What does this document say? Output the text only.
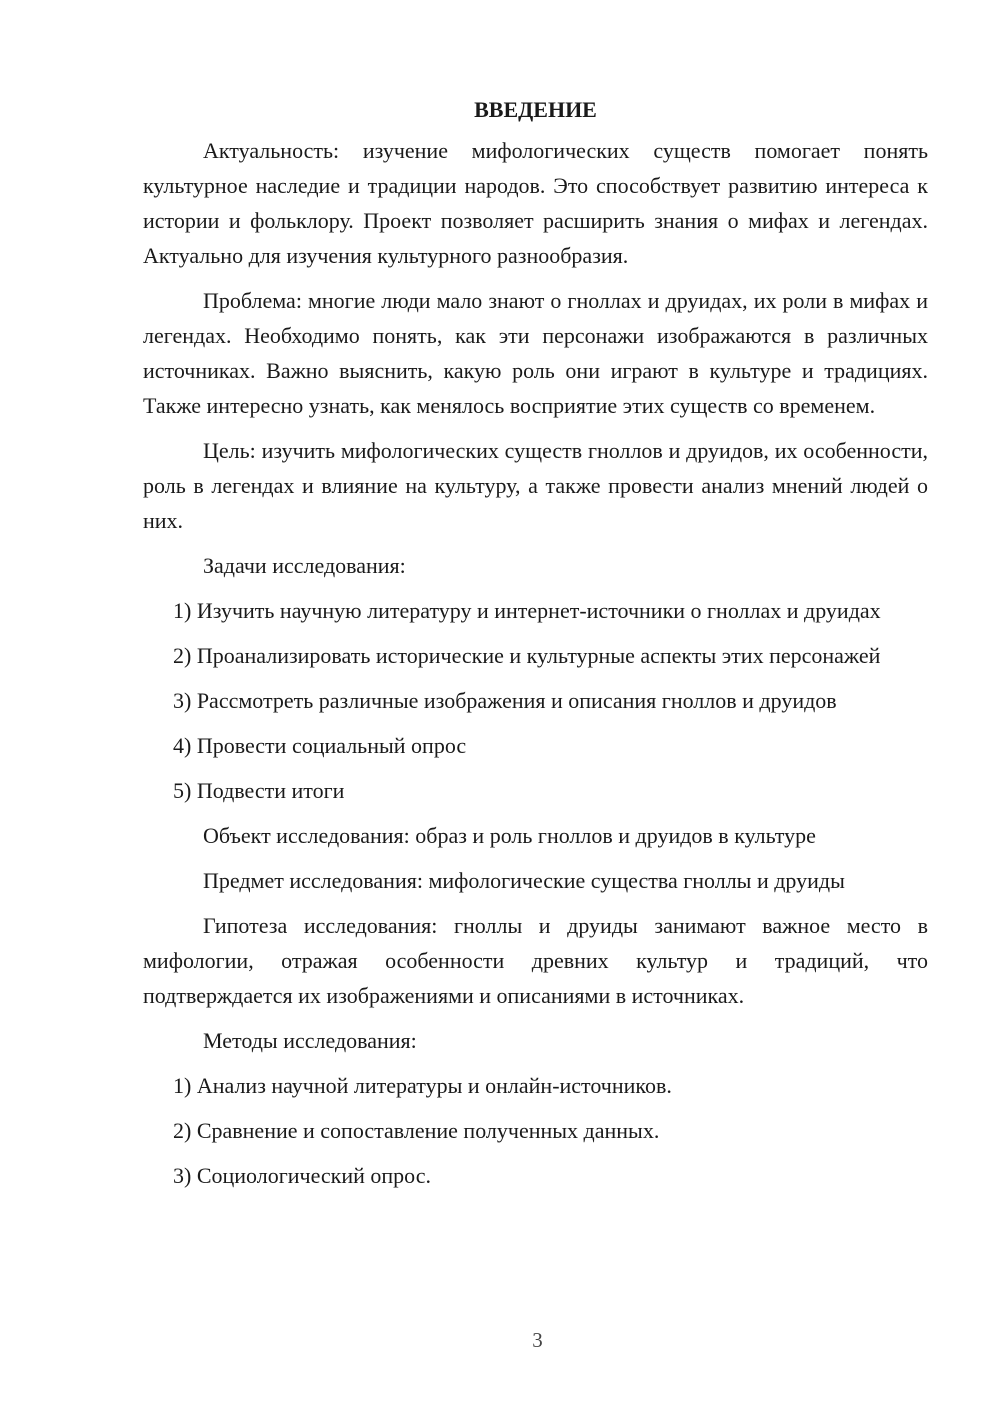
ВВЕДЕНИЕ

Актуальность: изучение мифологических существ помогает понять культурное наследие и традиции народов. Это способствует развитию интереса к истории и фольклору. Проект позволяет расширить знания о мифах и легендах. Актуально для изучения культурного разнообразия.

Проблема: многие люди мало знают о гноллах и друидах, их роли в мифах и легендах. Необходимо понять, как эти персонажи изображаются в различных источниках. Важно выяснить, какую роль они играют в культуре и традициях. Также интересно узнать, как менялось восприятие этих существ со временем.

Цель: изучить мифологических существ гноллов и друидов, их особенности, роль в легендах и влияние на культуру, а также провести анализ мнений людей о них.

Задачи исследования:

1) Изучить научную литературу и интернет-источники о гноллах и друидах

2) Проанализировать исторические и культурные аспекты этих персонажей

3) Рассмотреть различные изображения и описания гноллов и друидов

4) Провести социальный опрос

5) Подвести итоги

Объект исследования: образ и роль гноллов и друидов в культуре

Предмет исследования: мифологические существа гноллы и друиды

Гипотеза исследования: гноллы и друиды занимают важное место в мифологии, отражая особенности древних культур и традиций, что подтверждается их изображениями и описаниями в источниках.

Методы исследования:

1) Анализ научной литературы и онлайн-источников.

2) Сравнение и сопоставление полученных данных.

3) Социологический опрос.

3
